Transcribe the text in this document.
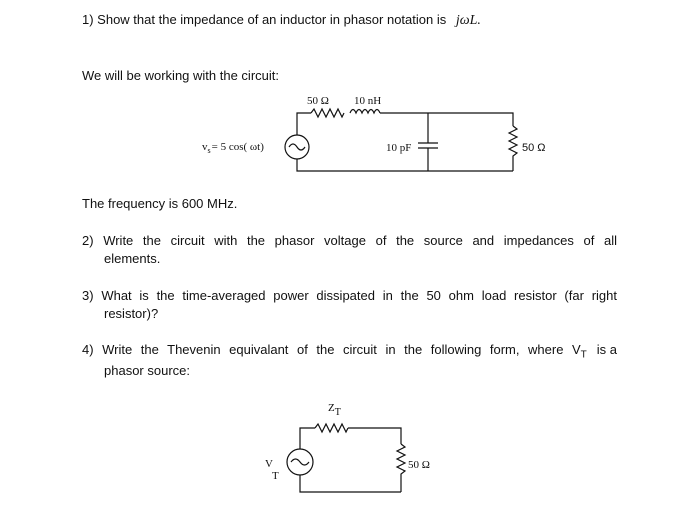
1) Show that the impedance of an inductor in phasor notation is jωL.
We will be working with the circuit:
50 Ω 10 nH
10 pF	50 Ω
$v_s= 5$ cos( ωt)
The frequency is 600 MHz.
2) Write the circuit with the phasor voltage of the source and impedances of all
elements.
3) What is the time-averaged power dissipated in the 50 ohm load resistor (far right
resistor)?
4) Write the Thevenin equivalant of the circuit in the following form, where V $_T$ is a
phasor source:
ZT
V
T
50 Ω
